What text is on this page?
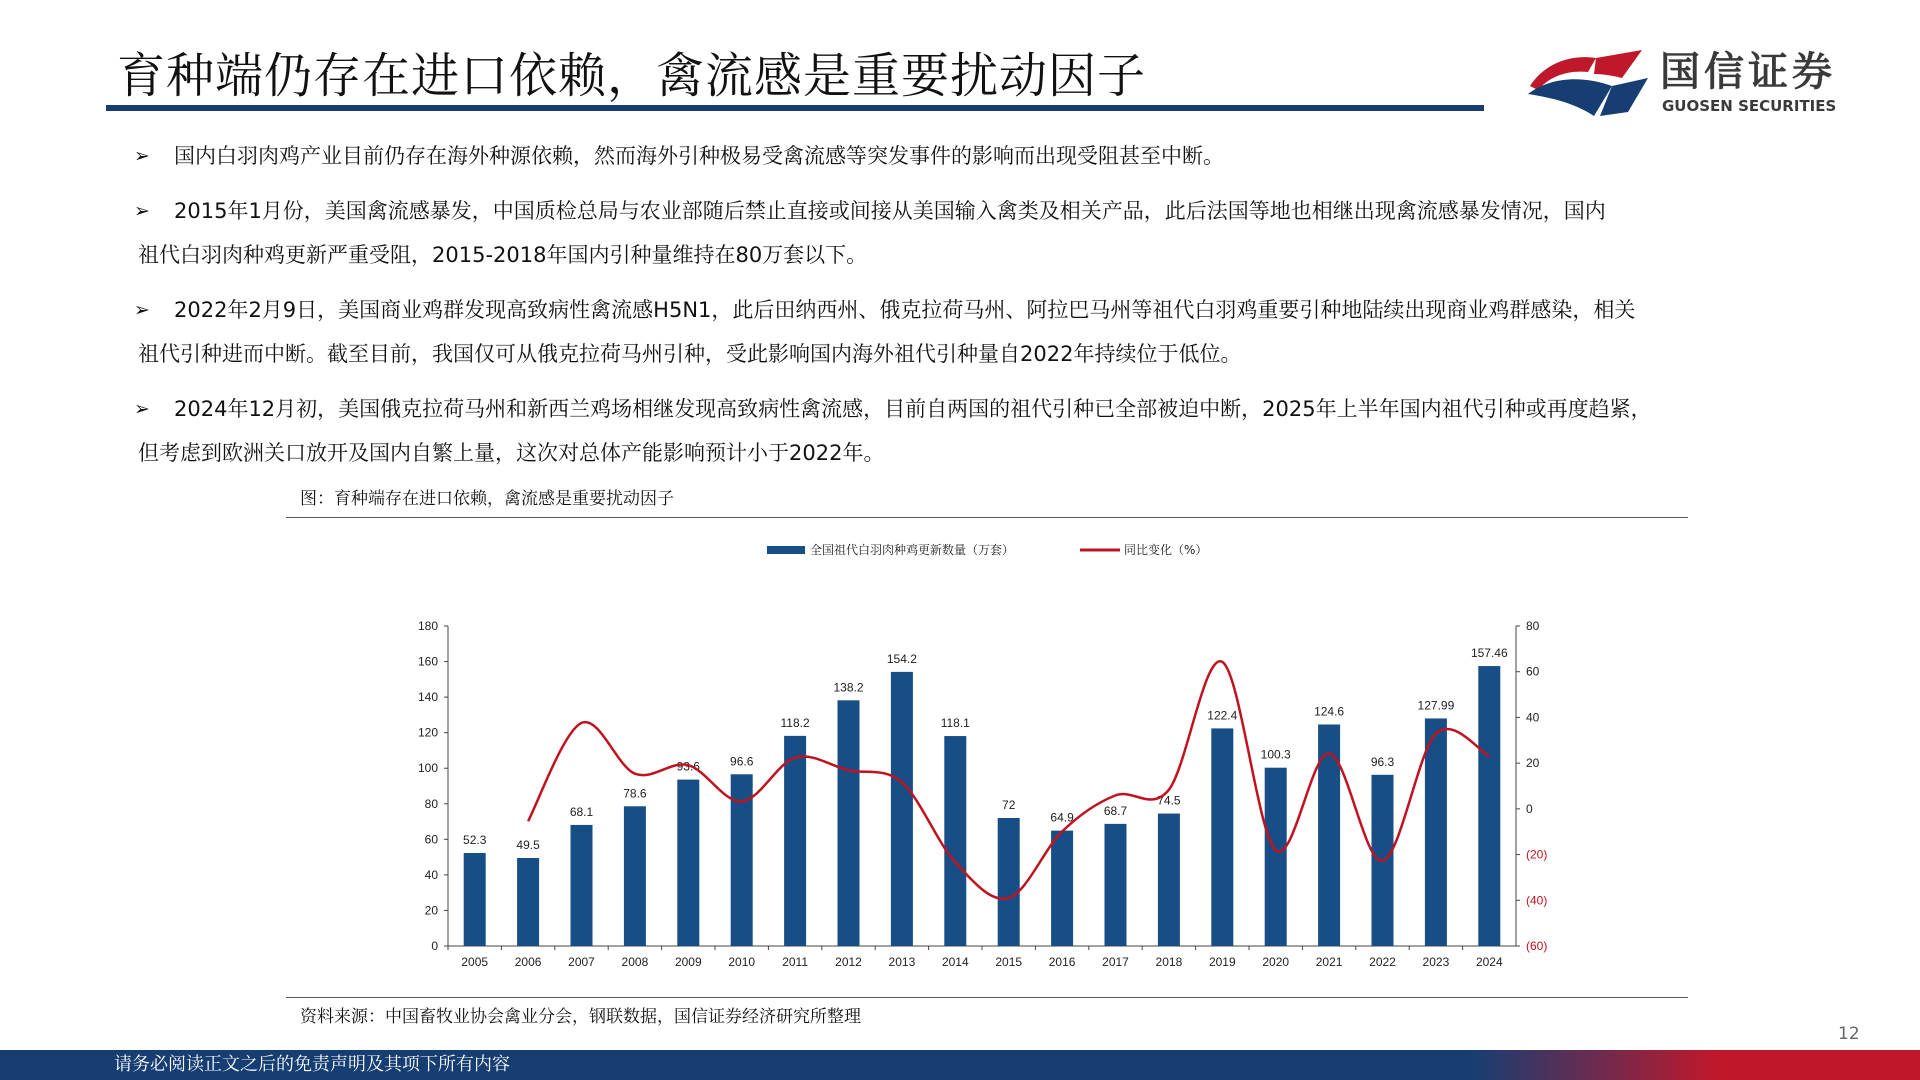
育种端仍存在进口依赖，禽流感是重要扰动因子	国信证券
GUOSEN SECURITIES
➢	国内白羽肉鸡产业目前仍存在海外种源依赖，然而海外引种极易受禽流感等突发事件的影响而出现受阻甚至中断。
➢	2015年1月份，美国禽流感暴发，中国质检总局与农业部随后禁止直接或间接从美国输入禽类及相关产品，此后法国等地也相继出现禽流感暴发情况，国内
祖代白羽肉种鸡更新严重受阻，2015-2018年国内引种量维持在80万套以下。
➢	2022年2月9日，美国商业鸡群发现高致病性禽流感H5N1，此后田纳西州、俄克拉荷马州、阿拉巴马州等祖代白羽鸡重要引种地陆续出现商业鸡群感染，相关
祖代引种进而中断。截至目前，我国仅可从俄克拉荷马州引种，受此影响国内海外祖代引种量自2022年持续位于低位。
➢	2024年12月初，美国俄克拉荷马州和新西兰鸡场相继发现高致病性禽流感，目前自两国的祖代引种已全部被迫中断，2025年上半年国内祖代引种或再度趋紧，
但考虑到欧洲关口放开及国内自繁上量，这次对总体产能影响预计小于2022年。
图：育种端存在进口依赖，禽流感是重要扰动因子
0
20
40
60
80
100
120
140
160
180
(60)
(40)
(20)
0
20
40
60
80
52.3	49.5
68.1
78.6
93.6	96.6
118.2
138.2
154.2
118.1
72
64.9	68.7
74.5
122.4
100.3
124.6
96.3
127.99
157.46
2005 2006 2007 2008 2009 2010 2011 2012 2013 2014 2015 2016 2017 2018 2019 2020 2021 2022 2023 2024
全国祖代白羽肉种鸡更新数量（万套）	同比变化（%）
资料来源：中国畜牧业协会禽业分会，钢联数据，国信证券经济研究所整理
12
请务必阅读正文之后的免责声明及其项下所有内容
